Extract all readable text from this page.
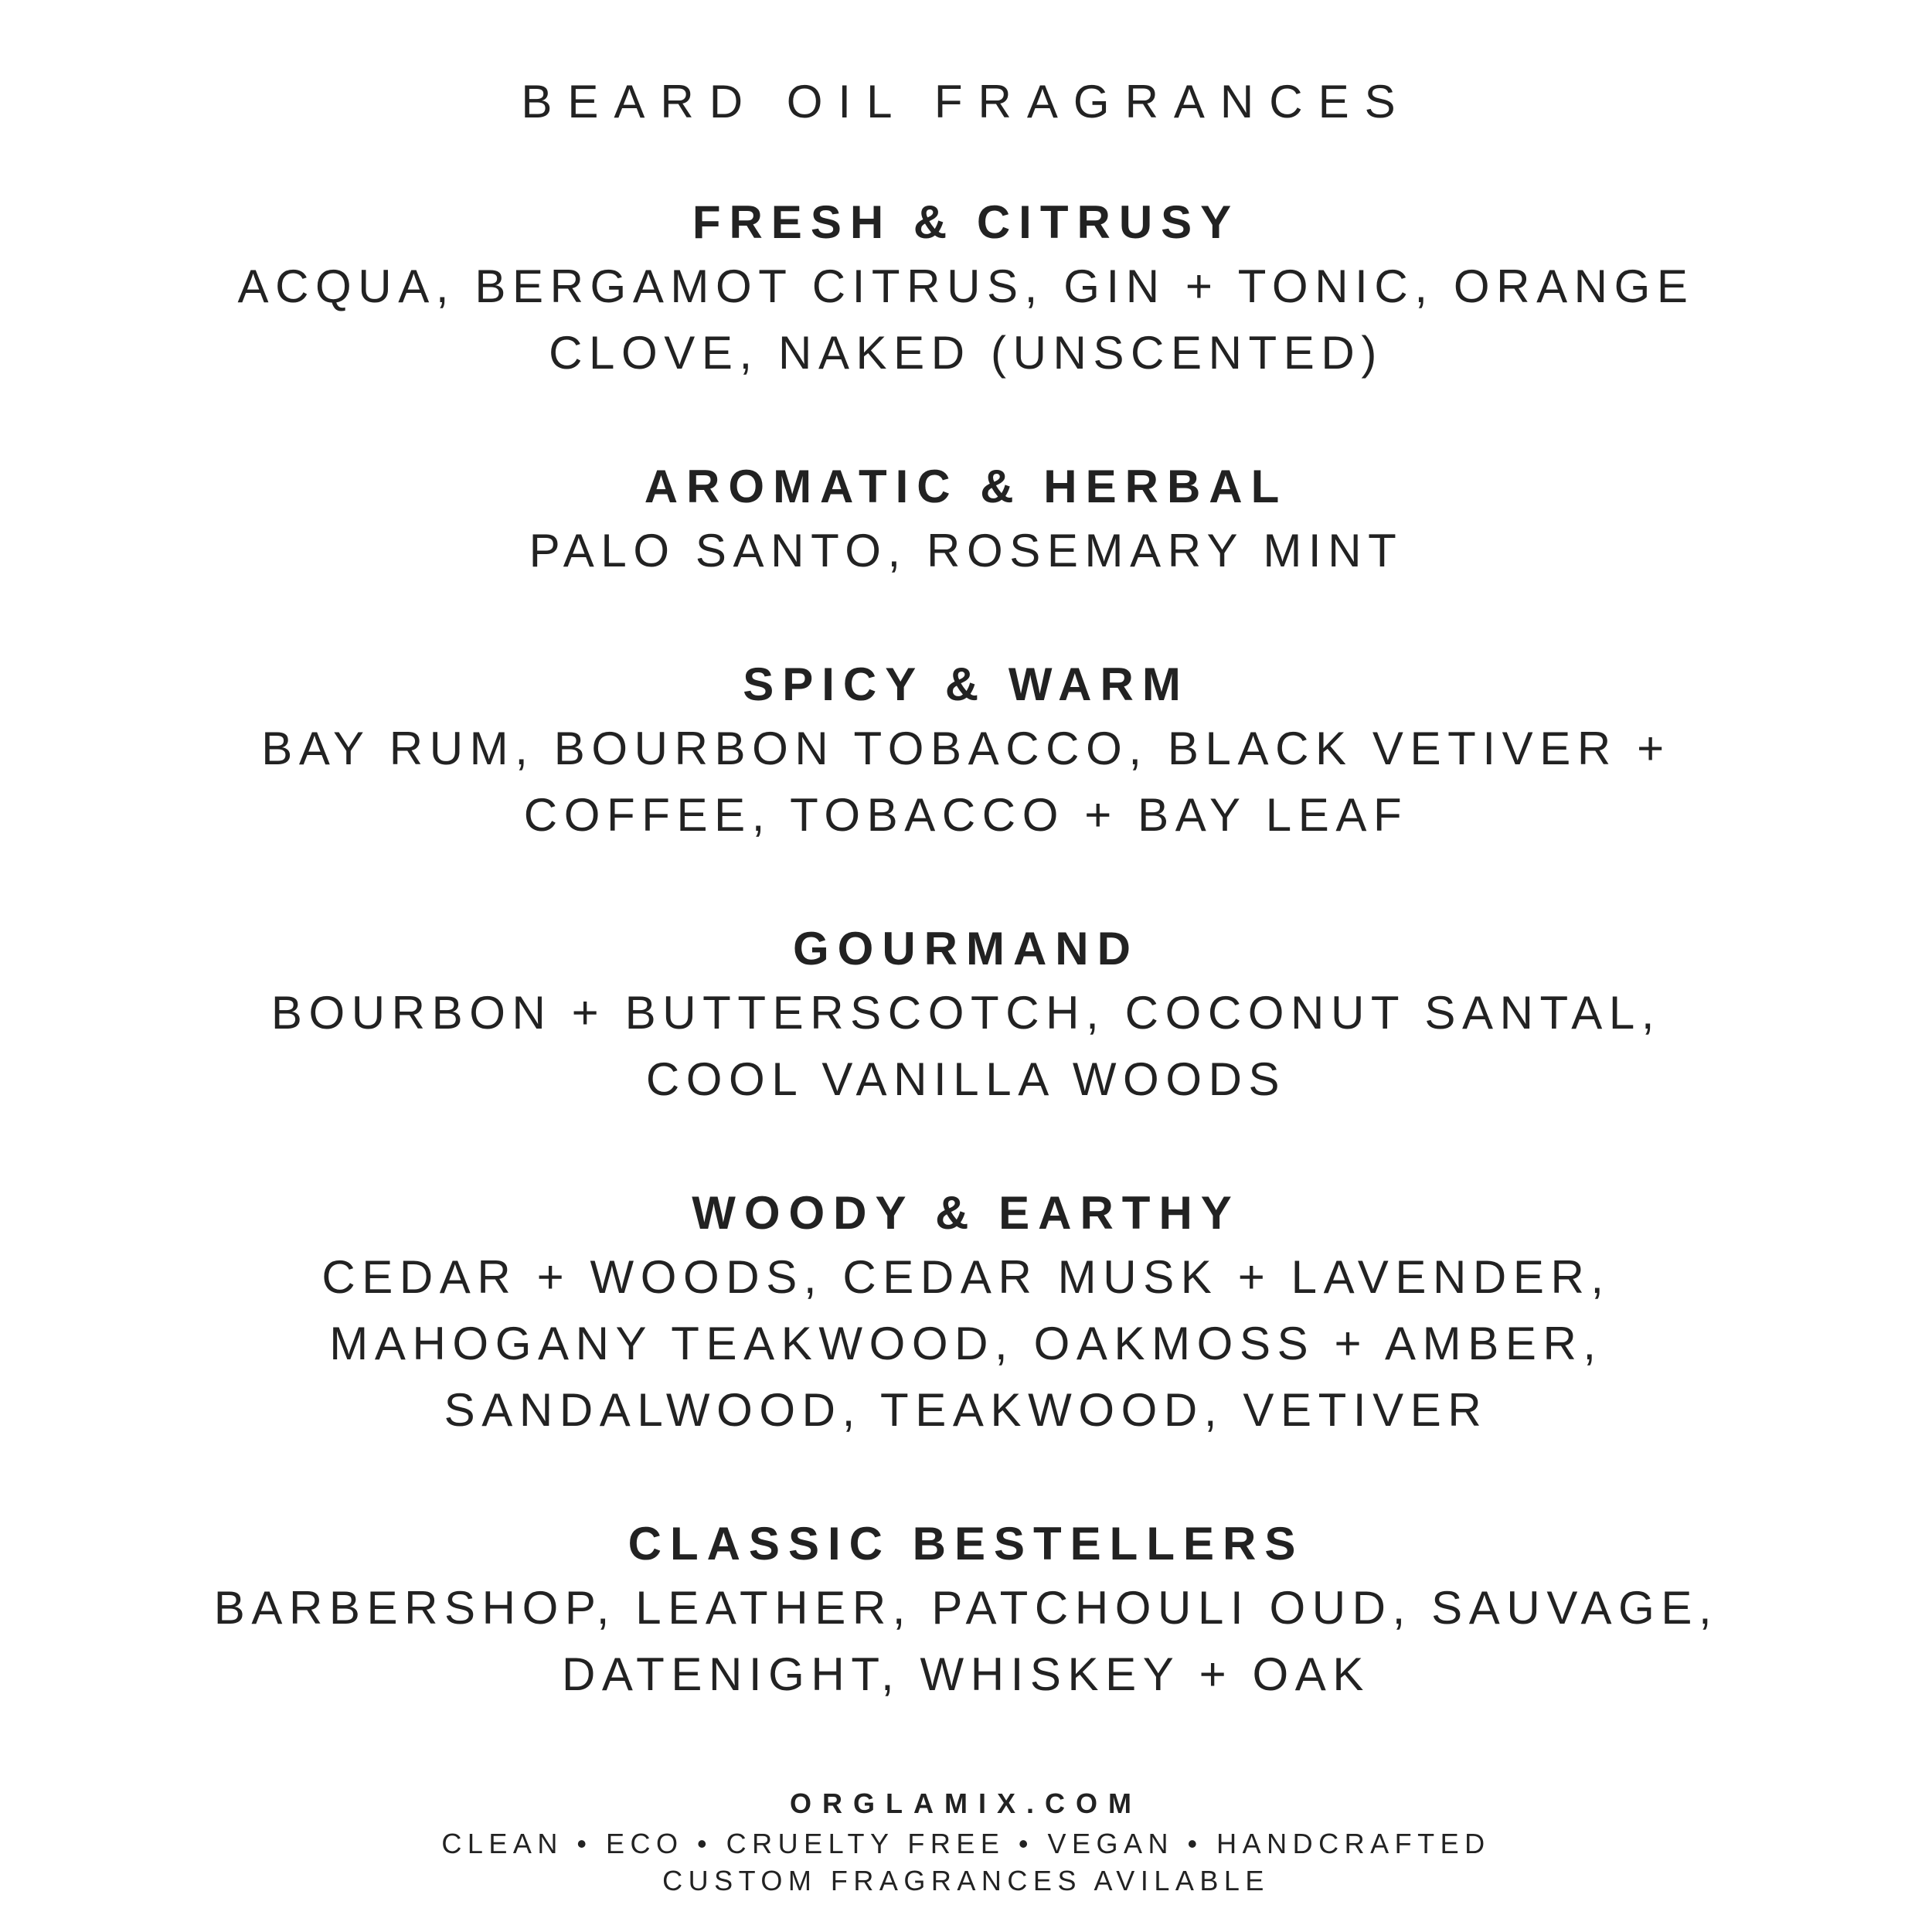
BEARD OIL FRAGRANCES
FRESH & CITRUSY
ACQUA, BERGAMOT CITRUS, GIN + TONIC, ORANGE
CLOVE, NAKED (UNSCENTED)
AROMATIC & HERBAL
PALO SANTO, ROSEMARY MINT
SPICY & WARM
BAY RUM, BOURBON TOBACCO, BLACK VETIVER +
COFFEE, TOBACCO + BAY LEAF
GOURMAND
BOURBON + BUTTERSCOTCH, COCONUT SANTAL,
COOL VANILLA WOODS
WOODY & EARTHY
CEDAR + WOODS, CEDAR MUSK + LAVENDER,
MAHOGANY TEAKWOOD, OAKMOSS + AMBER,
SANDALWOOD, TEAKWOOD, VETIVER
CLASSIC BESTELLERS
BARBERSHOP, LEATHER, PATCHOULI OUD, SAUVAGE,
DATENIGHT, WHISKEY + OAK
ORGLAMIX.COM
CLEAN • ECO • CRUELTY FREE • VEGAN • HANDCRAFTED
CUSTOM FRAGRANCES AVILABLE
